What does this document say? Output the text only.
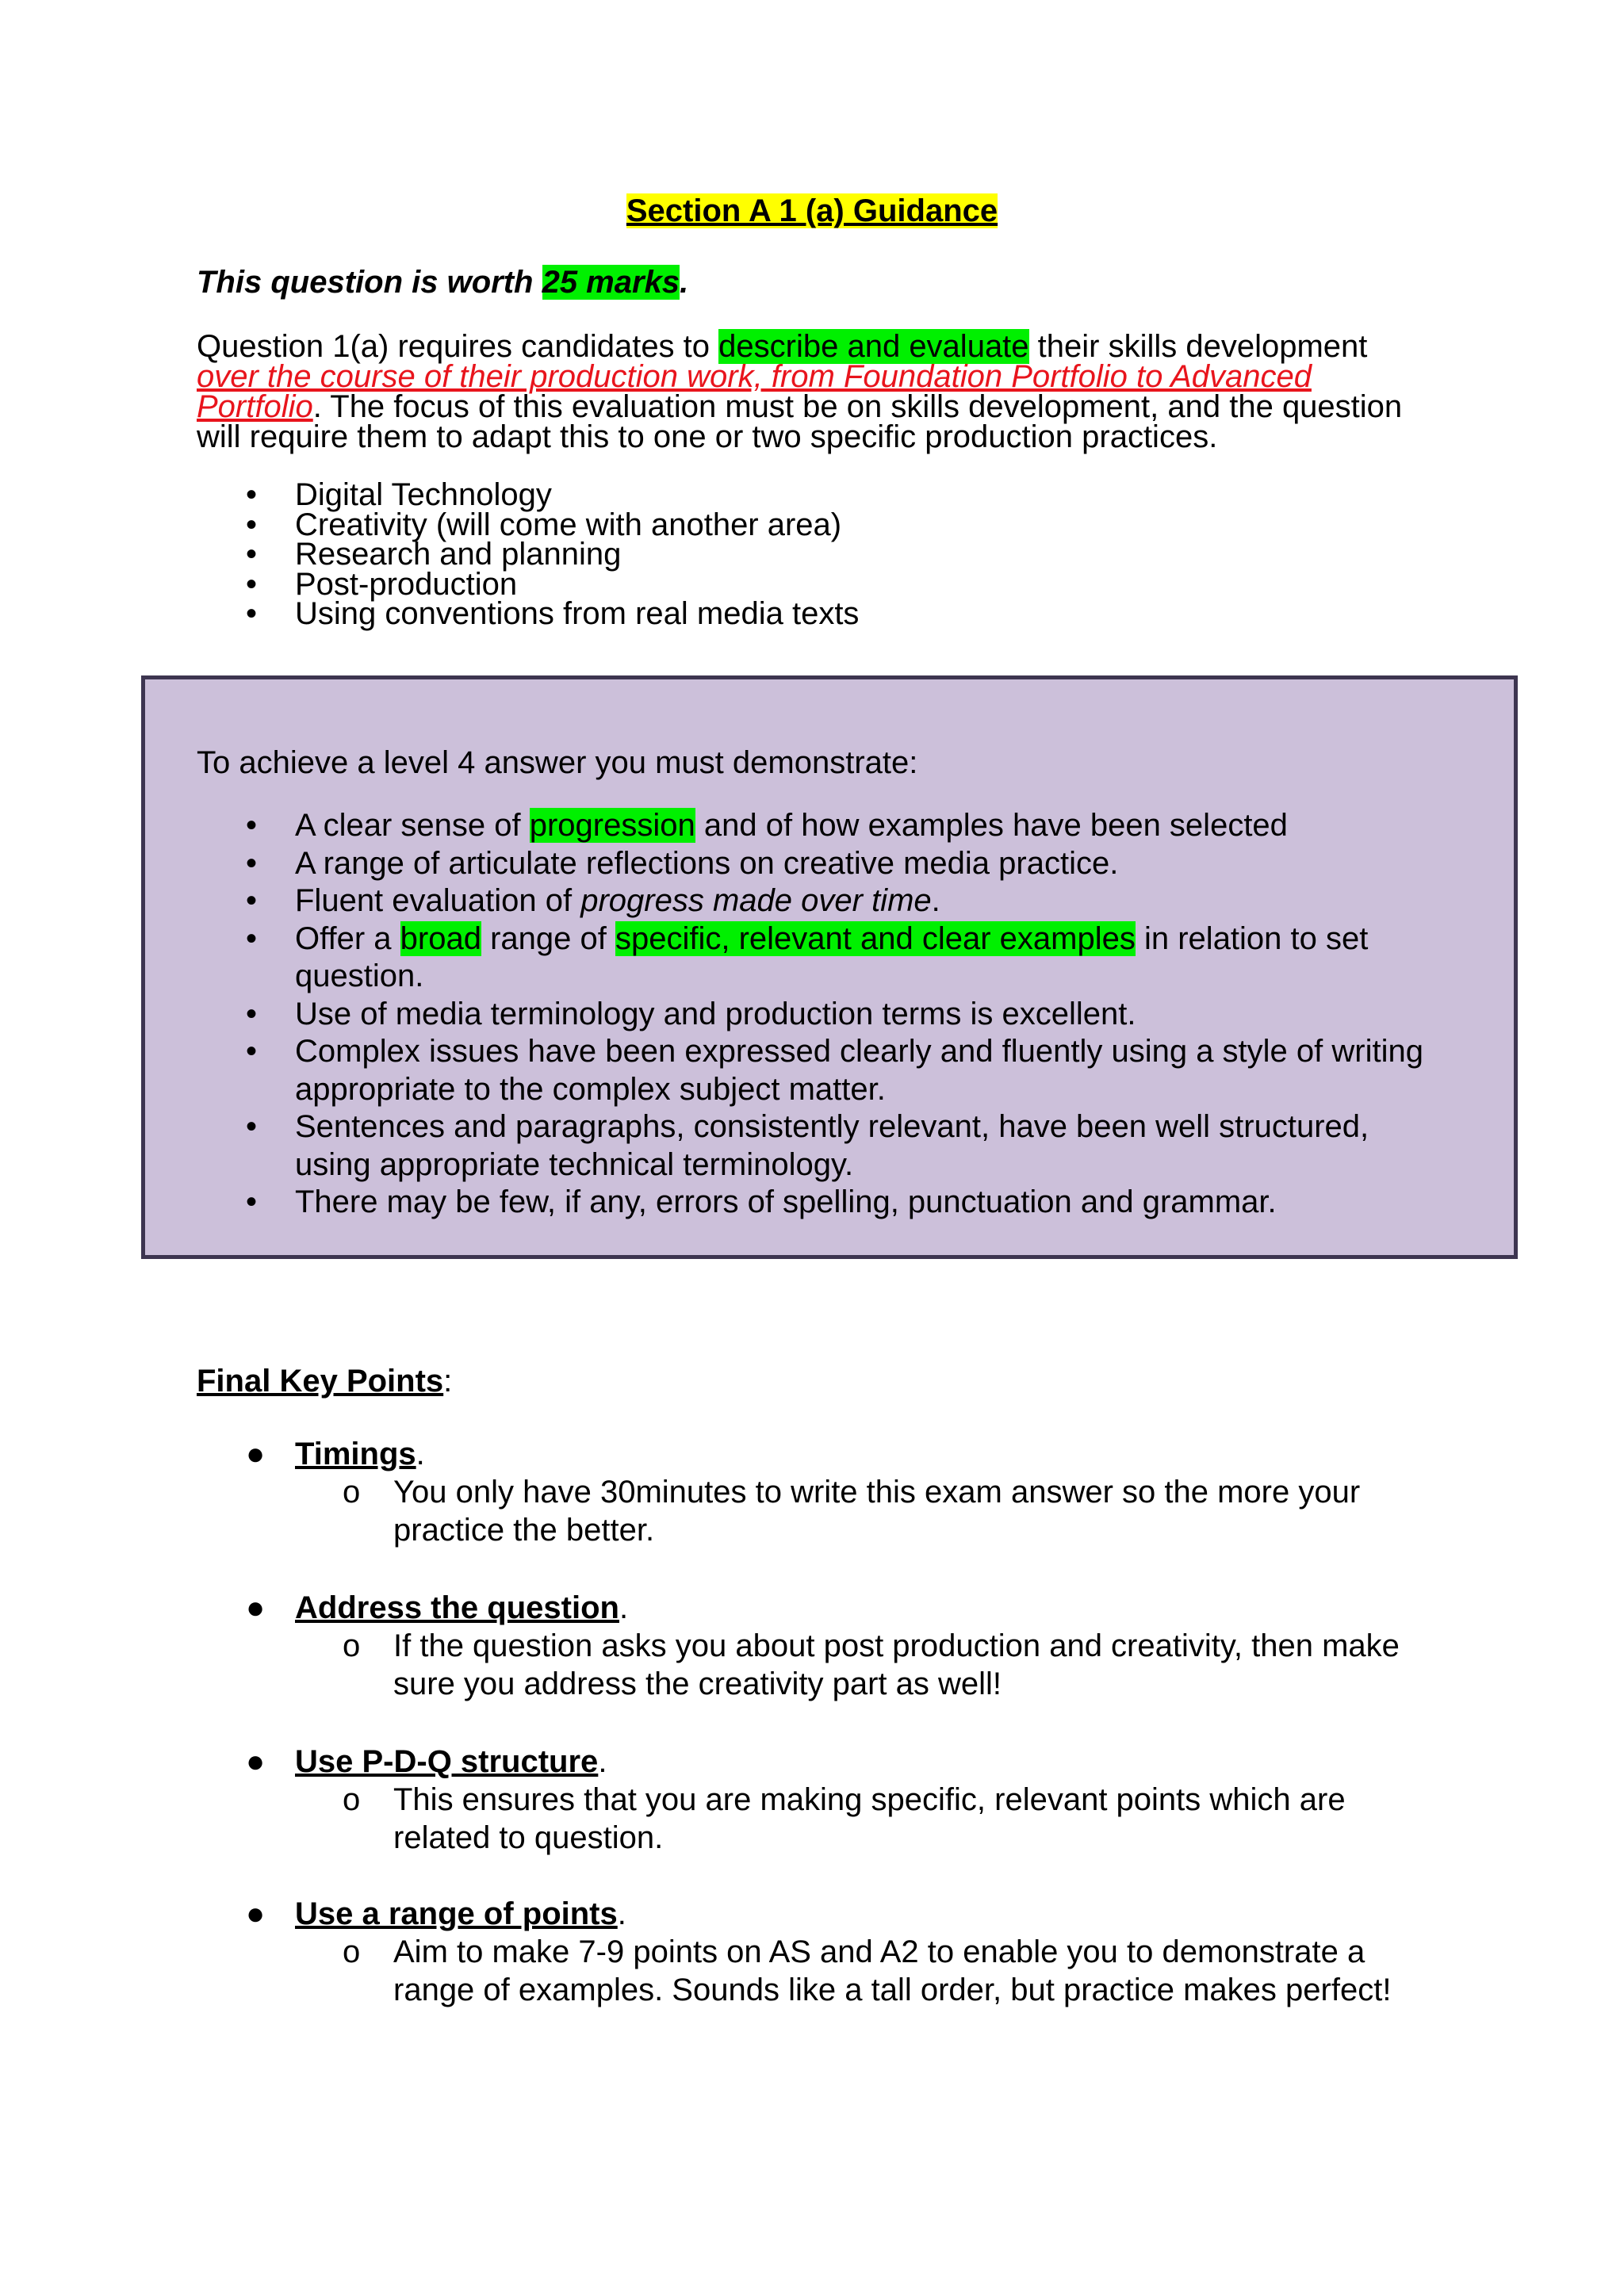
Section A 1 (a) Guidance
This question is worth 25 marks.
Question 1(a) requires candidates to describe and evaluate their skills development over the course of their production work, from Foundation Portfolio to Advanced Portfolio. The focus of this evaluation must be on skills development, and the question will require them to adapt this to one or two specific production practices.
• Digital Technology
• Creativity (will come with another area)
• Research and planning
• Post-production
• Using conventions from real media texts
To achieve a level 4 answer you must demonstrate:
• A clear sense of progression and of how examples have been selected
• A range of articulate reflections on creative media practice.
• Fluent evaluation of progress made over time.
• Offer a broad range of specific, relevant and clear examples in relation to set question.
• Use of media terminology and production terms is excellent.
• Complex issues have been expressed clearly and fluently using a style of writing appropriate to the complex subject matter.
• Sentences and paragraphs, consistently relevant, have been well structured, using appropriate technical terminology.
• There may be few, if any, errors of spelling, punctuation and grammar.
Final Key Points:
● Timings.
o You only have 30minutes to write this exam answer so the more your practice the better.
● Address the question.
o If the question asks you about post production and creativity, then make sure you address the creativity part as well!
● Use P-D-Q structure.
o This ensures that you are making specific, relevant points which are related to question.
● Use a range of points.
o Aim to make 7-9 points on AS and A2 to enable you to demonstrate a range of examples. Sounds like a tall order, but practice makes perfect!
